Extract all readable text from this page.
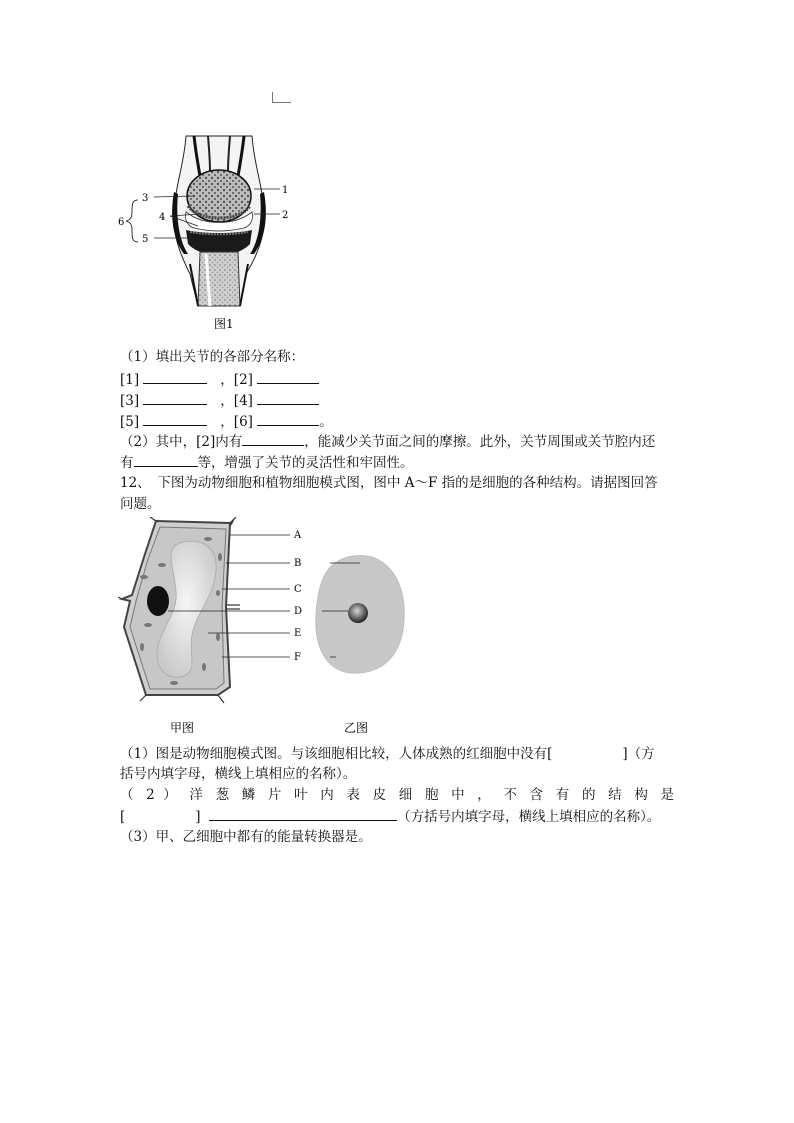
3
1
4	2
6
5
图1
（1）填出关节的各部分名称：
[1]	，[2]
[3]	，[4]
[5]	，[6]	。
（2）其中，[2]内有	，能减少关节面之间的摩擦。此外，关节周围或关节腔内还
有	等，增强了关节的灵活性和牢固性。
12、　下图为动物细胞和植物细胞模式图，图中 A～F 指的是细胞的各种结构。请据图回答
问题。
A
B
C
D
E
F
甲图	乙图
（1）图是动物细胞模式图。与该细胞相比较，人体成熟的红细胞中没有[	]（方
括号内填字母，横线上填相应的名称）。
（ 2 ） 洋 葱 鳞 片 叶 内 表 皮 细 胞 中 ， 不 含 有 的 结 构 是
[	]	（方括号内填字母，横线上填相应的名称）。
（3）甲、乙细胞中都有的能量转换器是。
